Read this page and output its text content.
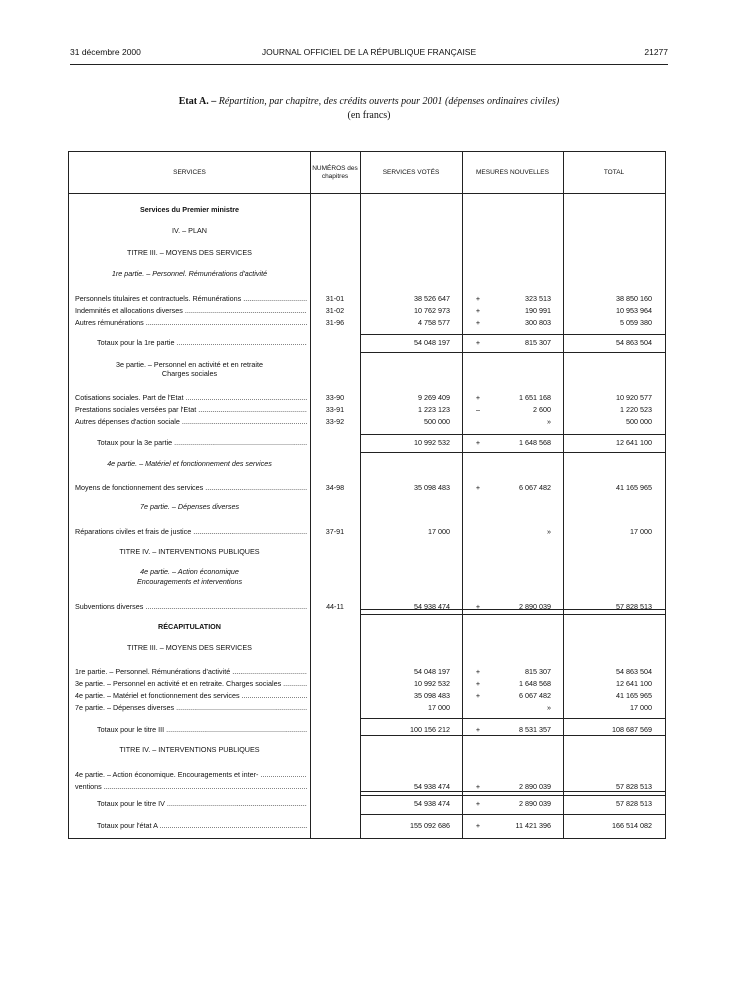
31 décembre 2000	JOURNAL OFFICIEL DE LA RÉPUBLIQUE FRANÇAISE	21277
Etat A. – Répartition, par chapitre, des crédits ouverts pour 2001 (dépenses ordinaires civiles)
(en francs)
SERVICES
NUMÉROS des chapitres
SERVICES VOTÉS	MESURES NOUVELLES	TOTAL
Services du Premier ministre
IV. – PLAN
TITRE III. – MOYENS DES SERVICES
1re partie. – Personnel. Rémunérations d'activité
Personnels titulaires et contractuels. Rémunérations .....	31-01	38 526 647	+	323 513	38 850 160
Indemnités et allocations diverses .....	31-02	10 762 973	+	190 991	10 953 964
Autres rémunérations .....	31-96	4 758 577	+	300 803	5 059 380
Totaux pour la 1re partie .....	54 048 197	+	815 307	54 863 504
3e partie. – Personnel en activité et en retraite
Charges sociales
Cotisations sociales. Part de l'Etat .....	33-90	9 269 409	+	1 651 168	10 920 577
Prestations sociales versées par l'Etat .....	33-91	1 223 123	–	2 600	1 220 523
Autres dépenses d'action sociale .....	33-92	500 000	»	500 000
Totaux pour la 3e partie .....	10 992 532	+	1 648 568	12 641 100
4e partie. – Matériel et fonctionnement des services
Moyens de fonctionnement des services .....	34-98	35 098 483	+	6 067 482	41 165 965
7e partie. – Dépenses diverses
Réparations civiles et frais de justice .....	37-91	17 000	»	17 000
TITRE IV. – INTERVENTIONS PUBLIQUES
4e partie. – Action économique
Encouragements et interventions
Subventions diverses .....	44-11	54 938 474	+	2 890 039	57 828 513
RÉCAPITULATION
TITRE III. – MOYENS DES SERVICES
1re partie. – Personnel. Rémunérations d'activité .....	54 048 197	+	815 307	54 863 504
3e partie. – Personnel en activité et en retraite. Charges sociales .....	10 992 532	+	1 648 568	12 641 100
4e partie. – Matériel et fonctionnement des services .....	35 098 483	+	6 067 482	41 165 965
7e partie. – Dépenses diverses .....	17 000	»	17 000
Totaux pour le titre III .....	100 156 212	+	8 531 357	108 687 569
TITRE IV. – INTERVENTIONS PUBLIQUES
4e partie. – Action économique. Encouragements et inter- .....
ventions .....	54 938 474	+	2 890 039	57 828 513
Totaux pour le titre IV .....	54 938 474	+	2 890 039	57 828 513
Totaux pour l'état A .....	155 092 686	+	11 421 396	166 514 082
